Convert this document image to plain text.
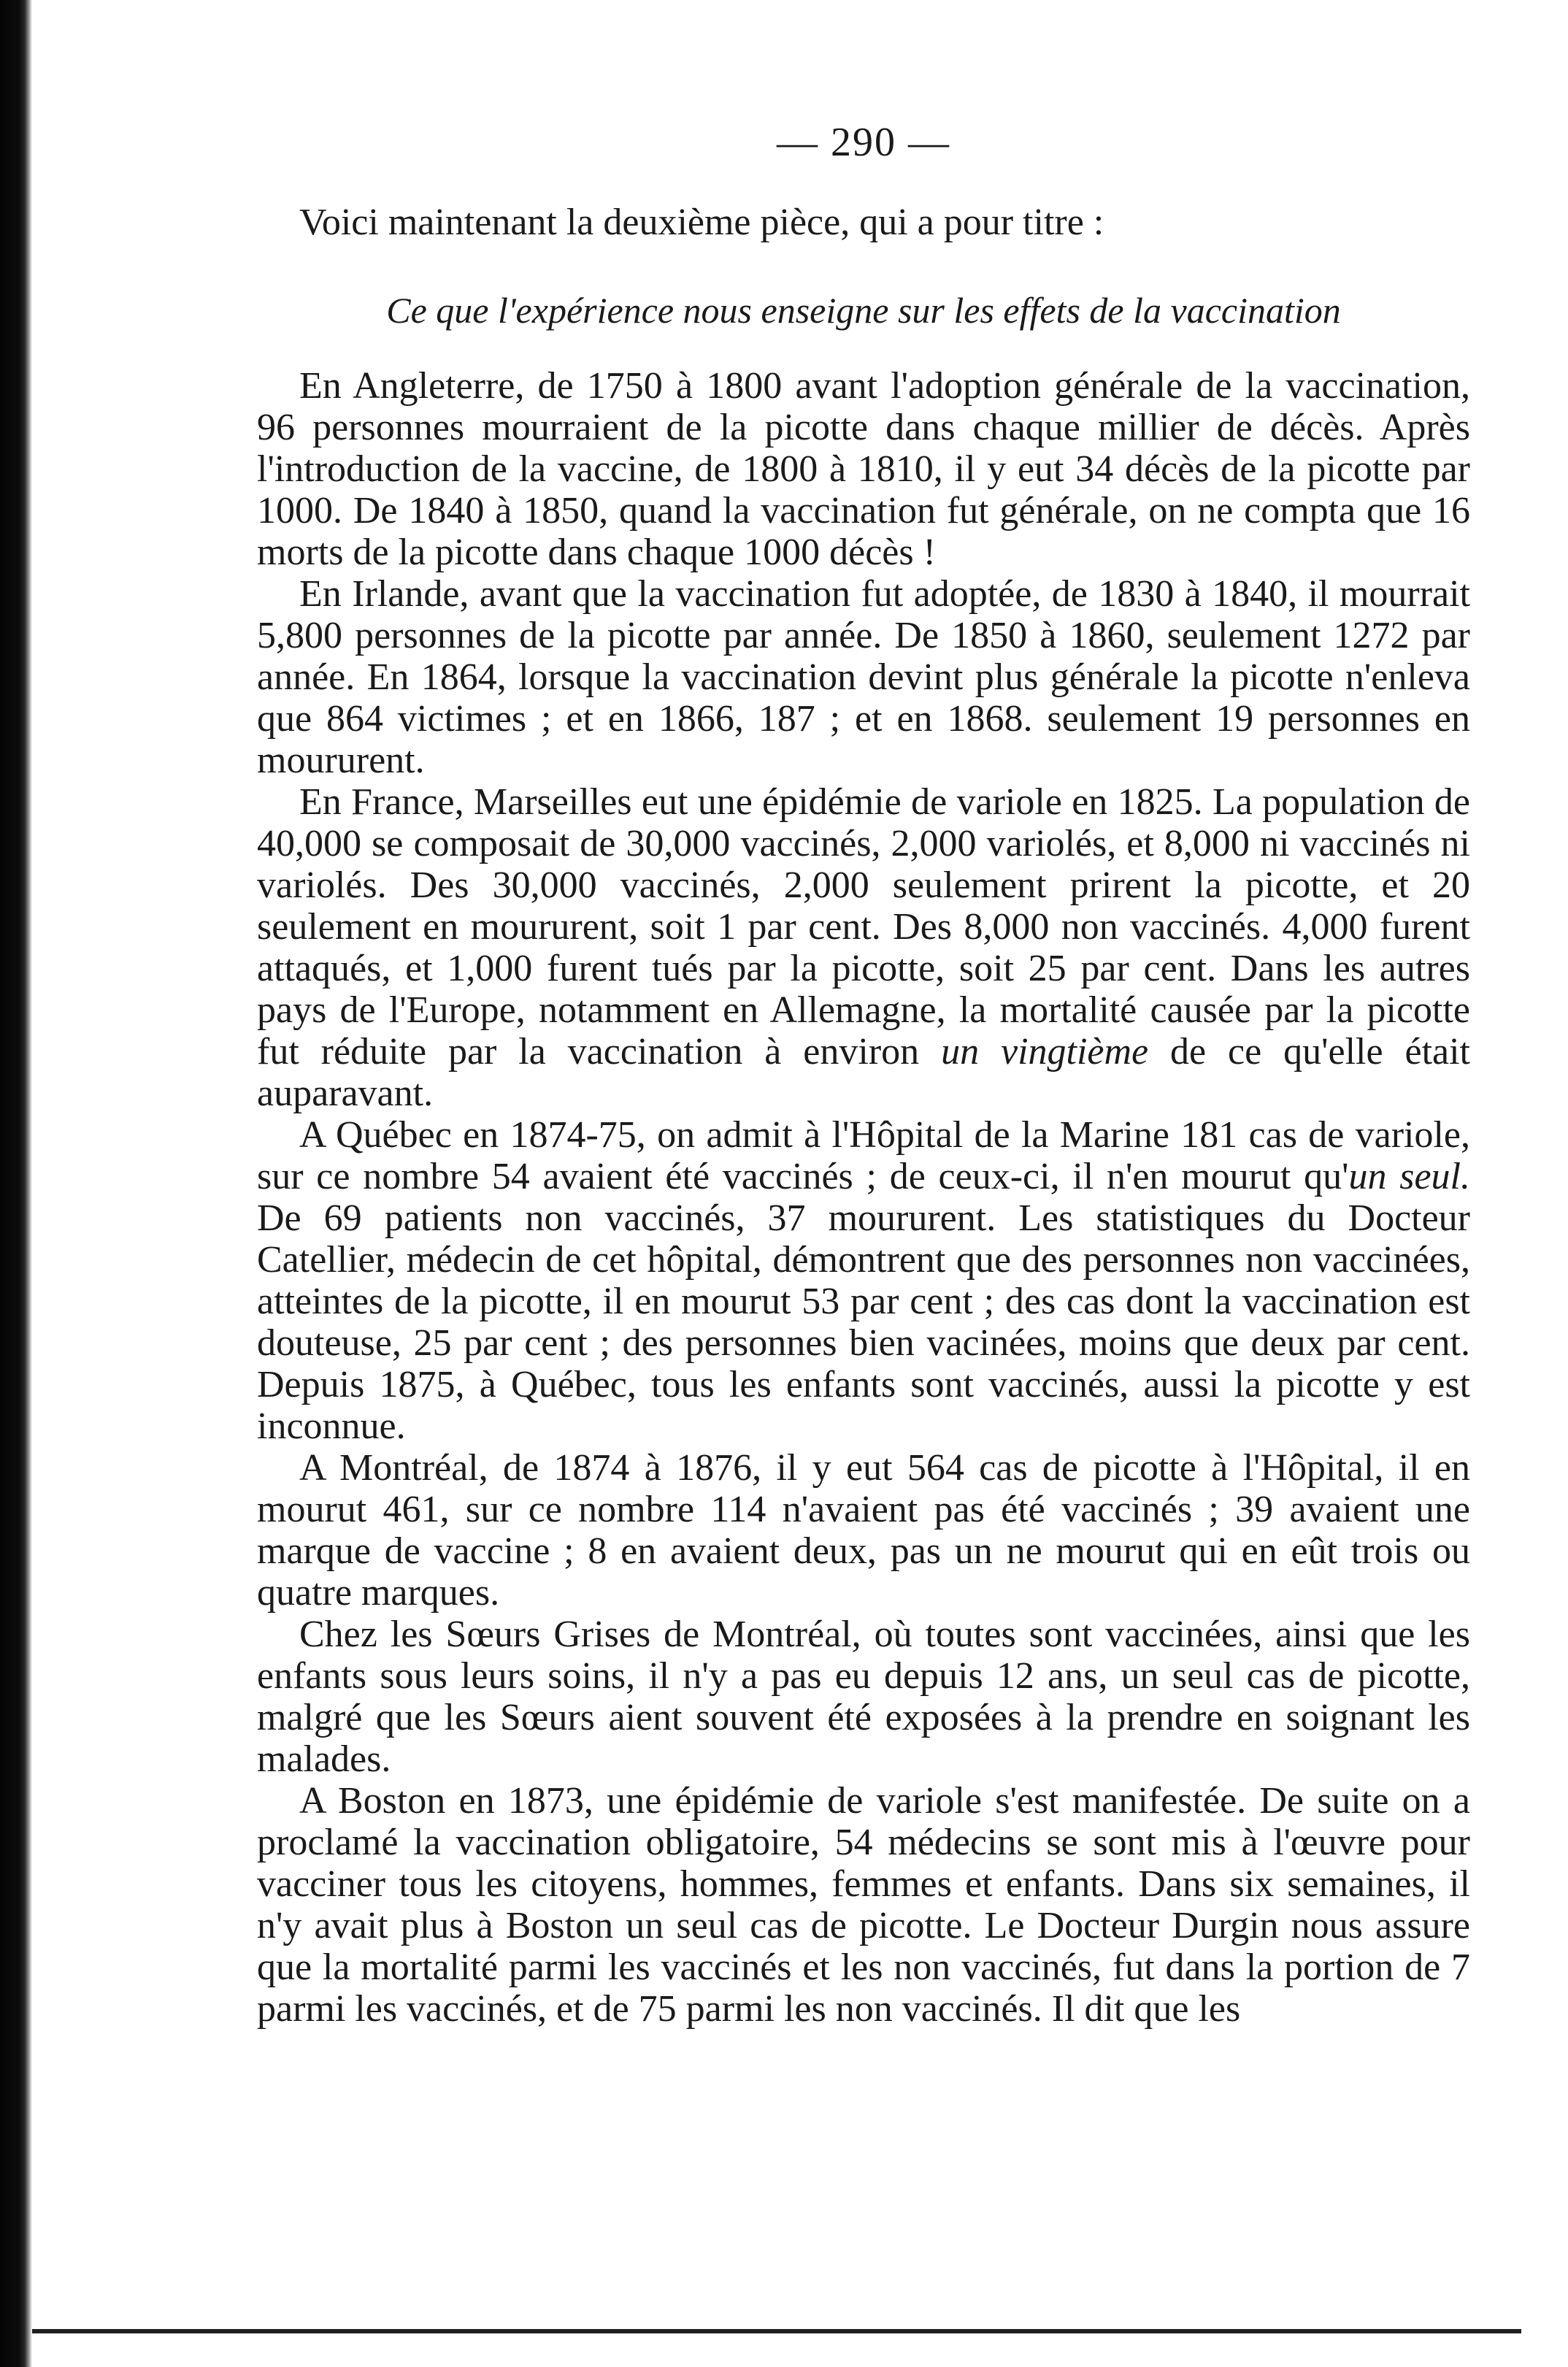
— 290 —

Voici maintenant la deuxième pièce, qui a pour titre :

Ce que l'expérience nous enseigne sur les effets de la vaccination

En Angleterre, de 1750 à 1800 avant l'adoption générale de la vaccination, 96 personnes mourraient de la picotte dans chaque millier de décès. Après l'introduction de la vaccine, de 1800 à 1810, il y eut 34 décès de la picotte par 1000. De 1840 à 1850, quand la vaccination fut générale, on ne compta que 16 morts de la picotte dans chaque 1000 décès !

En Irlande, avant que la vaccination fut adoptée, de 1830 à 1840, il mourrait 5,800 personnes de la picotte par année. De 1850 à 1860, seulement 1272 par année. En 1864, lorsque la vaccination devint plus générale la picotte n'enleva que 864 victimes ; et en 1866, 187 ; et en 1868. seulement 19 personnes en moururent.

En France, Marseilles eut une épidémie de variole en 1825. La population de 40,000 se composait de 30,000 vaccinés, 2,000 variolés, et 8,000 ni vaccinés ni variolés. Des 30,000 vaccinés, 2,000 seulement prirent la picotte, et 20 seulement en moururent, soit 1 par cent. Des 8,000 non vaccinés. 4,000 furent attaqués, et 1,000 furent tués par la picotte, soit 25 par cent. Dans les autres pays de l'Europe, notamment en Allemagne, la mortalité causée par la picotte fut réduite par la vaccination à environ un vingtième de ce qu'elle était auparavant.

A Québec en 1874-75, on admit à l'Hôpital de la Marine 181 cas de variole, sur ce nombre 54 avaient été vaccinés ; de ceux-ci, il n'en mourut qu'un seul. De 69 patients non vaccinés, 37 moururent. Les statistiques du Docteur Catellier, médecin de cet hôpital, démontrent que des personnes non vaccinées, atteintes de la picotte, il en mourut 53 par cent ; des cas dont la vaccination est douteuse, 25 par cent ; des personnes bien vacinées, moins que deux par cent. Depuis 1875, à Québec, tous les enfants sont vaccinés, aussi la picotte y est inconnue.

A Montréal, de 1874 à 1876, il y eut 564 cas de picotte à l'Hôpital, il en mourut 461, sur ce nombre 114 n'avaient pas été vaccinés ; 39 avaient une marque de vaccine ; 8 en avaient deux, pas un ne mourut qui en eût trois ou quatre marques.

Chez les Sœurs Grises de Montréal, où toutes sont vaccinées, ainsi que les enfants sous leurs soins, il n'y a pas eu depuis 12 ans, un seul cas de picotte, malgré que les Sœurs aient souvent été exposées à la prendre en soignant les malades.

A Boston en 1873, une épidémie de variole s'est manifestée. De suite on a proclamé la vaccination obligatoire, 54 médecins se sont mis à l'œuvre pour vacciner tous les citoyens, hommes, femmes et enfants. Dans six semaines, il n'y avait plus à Boston un seul cas de picotte. Le Docteur Durgin nous assure que la mortalité parmi les vaccinés et les non vaccinés, fut dans la portion de 7 parmi les vaccinés, et de 75 parmi les non vaccinés. Il dit que les
